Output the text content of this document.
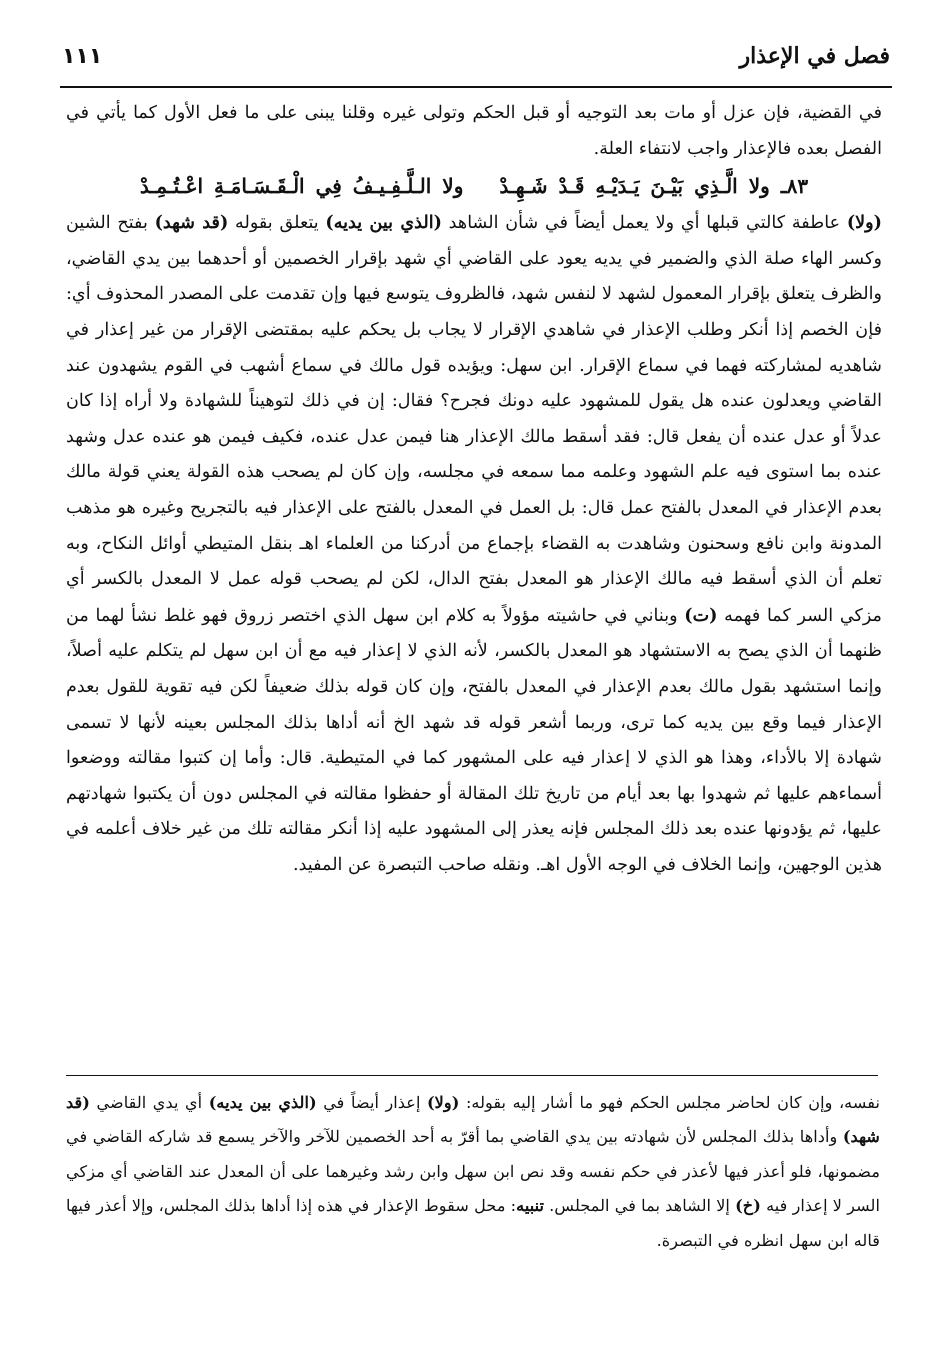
فصل في الإعذار
١١١

في القضية، فإن عزل أو مات بعد التوجيه أو قبل الحكم وتولى غيره وقلنا يبنى على ما فعل الأول كما يأتي في الفصل بعده فالإعذار واجب لانتفاء العلة.

٨٣ـ ولا الَّـذِي بَيْـنَ يَـدَيْـهِ قَـدْ شَـهِـدْولا الـلَّـفِـيـفُ فِي الْـقَـسَـامَـةِ اعْـتُـمِـدْ

(ولا) عاطفة كالتي قبلها أي ولا يعمل أيضاً في شأن الشاهد (الذي بين يديه) يتعلق بقوله (قد شهد) بفتح الشين وكسر الهاء صلة الذي والضمير في يديه يعود على القاضي أي شهد بإقرار الخصمين أو أحدهما بين يدي القاضي، والظرف يتعلق بإقرار المعمول لشهد لا لنفس شهد، فالظروف يتوسع فيها وإن تقدمت على المصدر المحذوف أي: فإن الخصم إذا أنكر وطلب الإعذار في شاهدي الإقرار لا يجاب بل يحكم عليه بمقتضى الإقرار من غير إعذار في شاهديه لمشاركته فهما في سماع الإقرار. ابن سهل: ويؤيده قول مالك في سماع أشهب في القوم يشهدون عند القاضي ويعدلون عنده هل يقول للمشهود عليه دونك فجرح؟ فقال: إن في ذلك لتوهيناً للشهادة ولا أراه إذا كان عدلاً أو عدل عنده أن يفعل قال: فقد أسقط مالك الإعذار هنا فيمن عدل عنده، فكيف فيمن هو عنده عدل وشهد عنده بما استوى فيه علم الشهود وعلمه مما سمعه في مجلسه، وإن كان لم يصحب هذه القولة يعني قولة مالك بعدم الإعذار في المعدل بالفتح عمل قال: بل العمل في المعدل بالفتح على الإعذار فيه بالتجريح وغيره هو مذهب المدونة وابن نافع وسحنون وشاهدت به القضاء بإجماع من أدركنا من العلماء اهـ بنقل المتيطي أوائل النكاح، وبه تعلم أن الذي أسقط فيه مالك الإعذار هو المعدل بفتح الدال، لكن لم يصحب قوله عمل لا المعدل بالكسر أي مزكي السر كما فهمه (ت) وبناني في حاشيته مؤولاً به كلام ابن سهل الذي اختصر زروق فهو غلط نشأ لهما من ظنهما أن الذي يصح به الاستشهاد هو المعدل بالكسر، لأنه الذي لا إعذار فيه مع أن ابن سهل لم يتكلم عليه أصلاً، وإنما استشهد بقول مالك بعدم الإعذار في المعدل بالفتح، وإن كان قوله بذلك ضعيفاً لكن فيه تقوية للقول بعدم الإعذار فيما وقع بين يديه كما ترى، وربما أشعر قوله قد شهد الخ أنه أداها بذلك المجلس بعينه لأنها لا تسمى شهادة إلا بالأداء، وهذا هو الذي لا إعذار فيه على المشهور كما في المتيطية. قال: وأما إن كتبوا مقالته ووضعوا أسماءهم عليها ثم شهدوا بها بعد أيام من تاريخ تلك المقالة أو حفظوا مقالته في المجلس دون أن يكتبوا شهادتهم عليها، ثم يؤدونها عنده بعد ذلك المجلس فإنه يعذر إلى المشهود عليه إذا أنكر مقالته تلك من غير خلاف أعلمه في هذين الوجهين، وإنما الخلاف في الوجه الأول اهـ. ونقله صاحب التبصرة عن المفيد.

نفسه، وإن كان لحاضر مجلس الحكم فهو ما أشار إليه بقوله: (ولا) إعذار أيضاً في (الذي بين يديه) أي يدي القاضي (قد شهد) وأداها بذلك المجلس لأن شهادته بين يدي القاضي بما أقرّ به أحد الخصمين للآخر والآخر يسمع قد شاركه القاضي في مضمونها، فلو أعذر فيها لأعذر في حكم نفسه وقد نص ابن سهل وابن رشد وغيرهما على أن المعدل عند القاضي أي مزكي السر لا إعذار فيه (خ) إلا الشاهد بما في المجلس. تنبيه: محل سقوط الإعذار في هذه إذا أداها بذلك المجلس، وإلا أعذر فيها قاله ابن سهل انظره في التبصرة.
